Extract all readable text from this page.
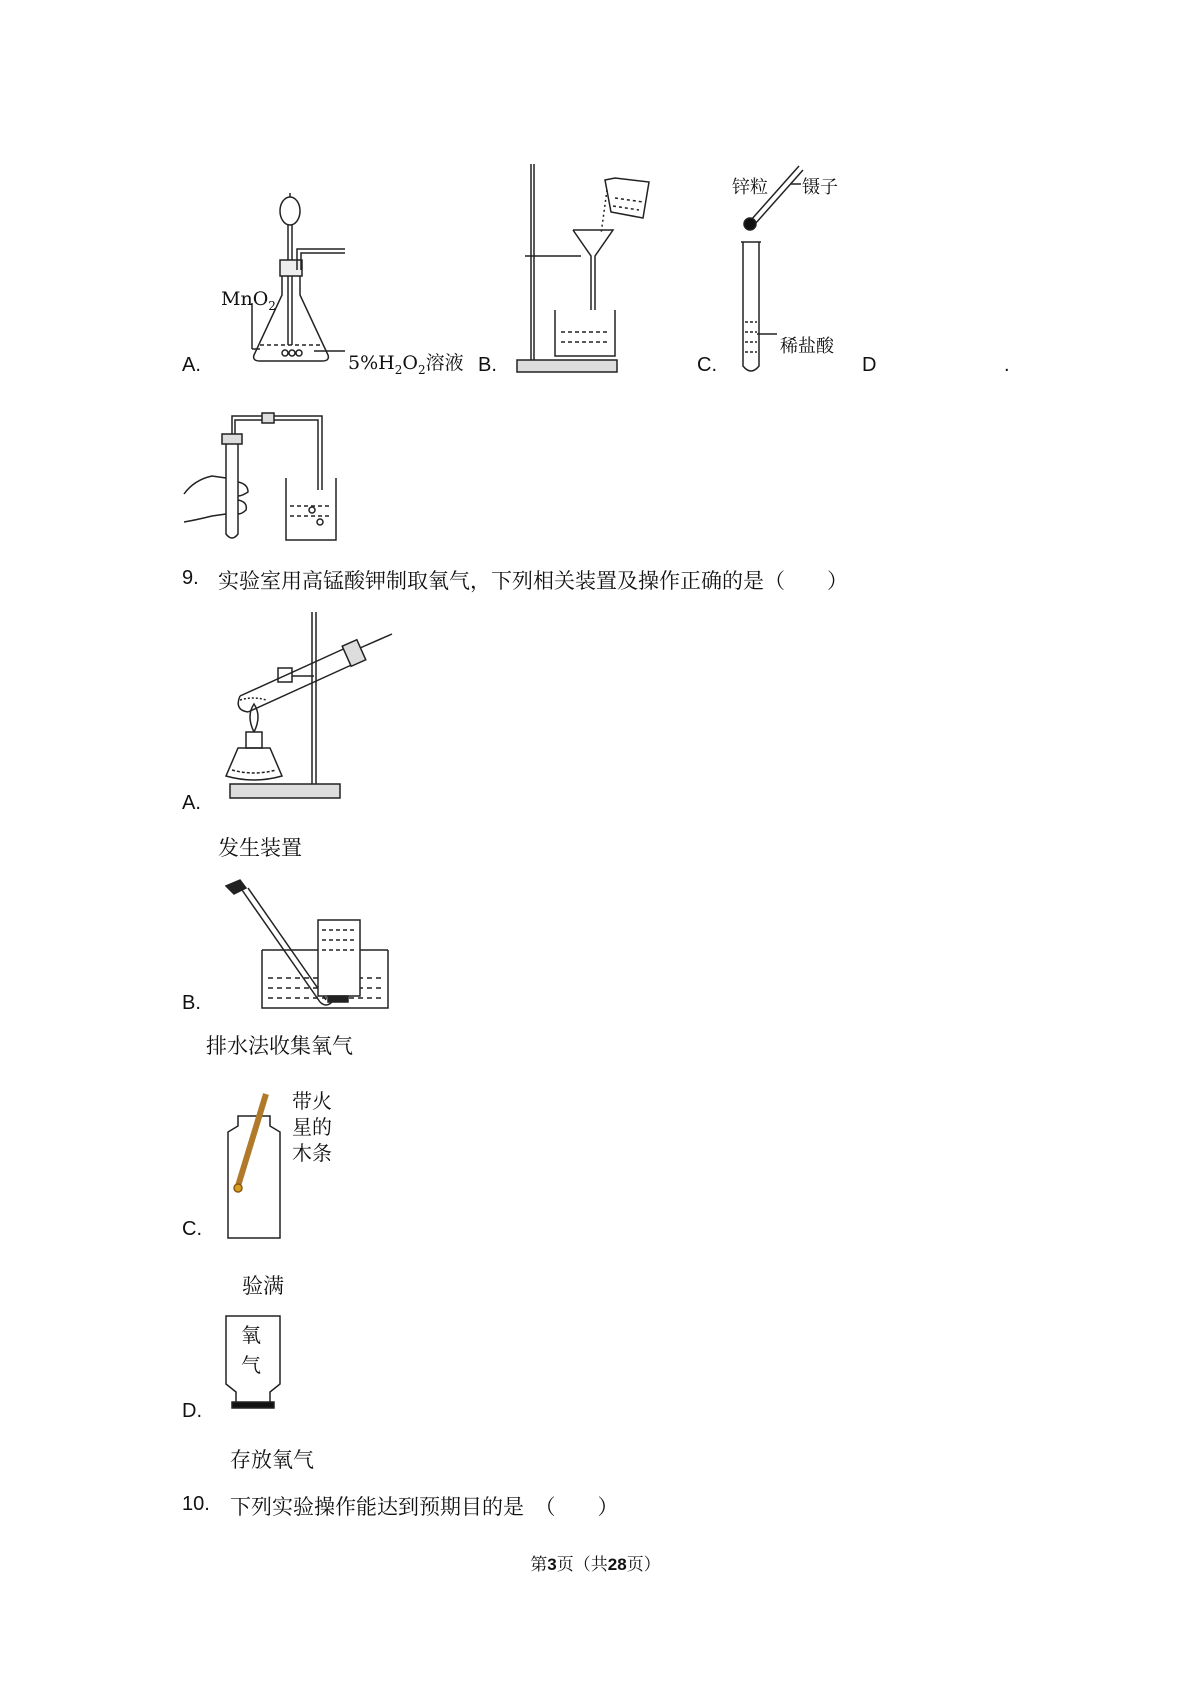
A.
MnO$_2$
$5\%H_2O_2$溶液 B.	C.
锌粒 镊子
稀盐酸
D	.
9. 实验室用高锰酸钾制取氧气，下列相关装置及操作正确的是（　　）
A.
发生装置
B.
排水法收集氧气
带火
星的
木条
C.
验满
氧
气
D.
存放氧气
10. 下列实验操作能达到预期目的是　（　　）
第3页（共28页）
